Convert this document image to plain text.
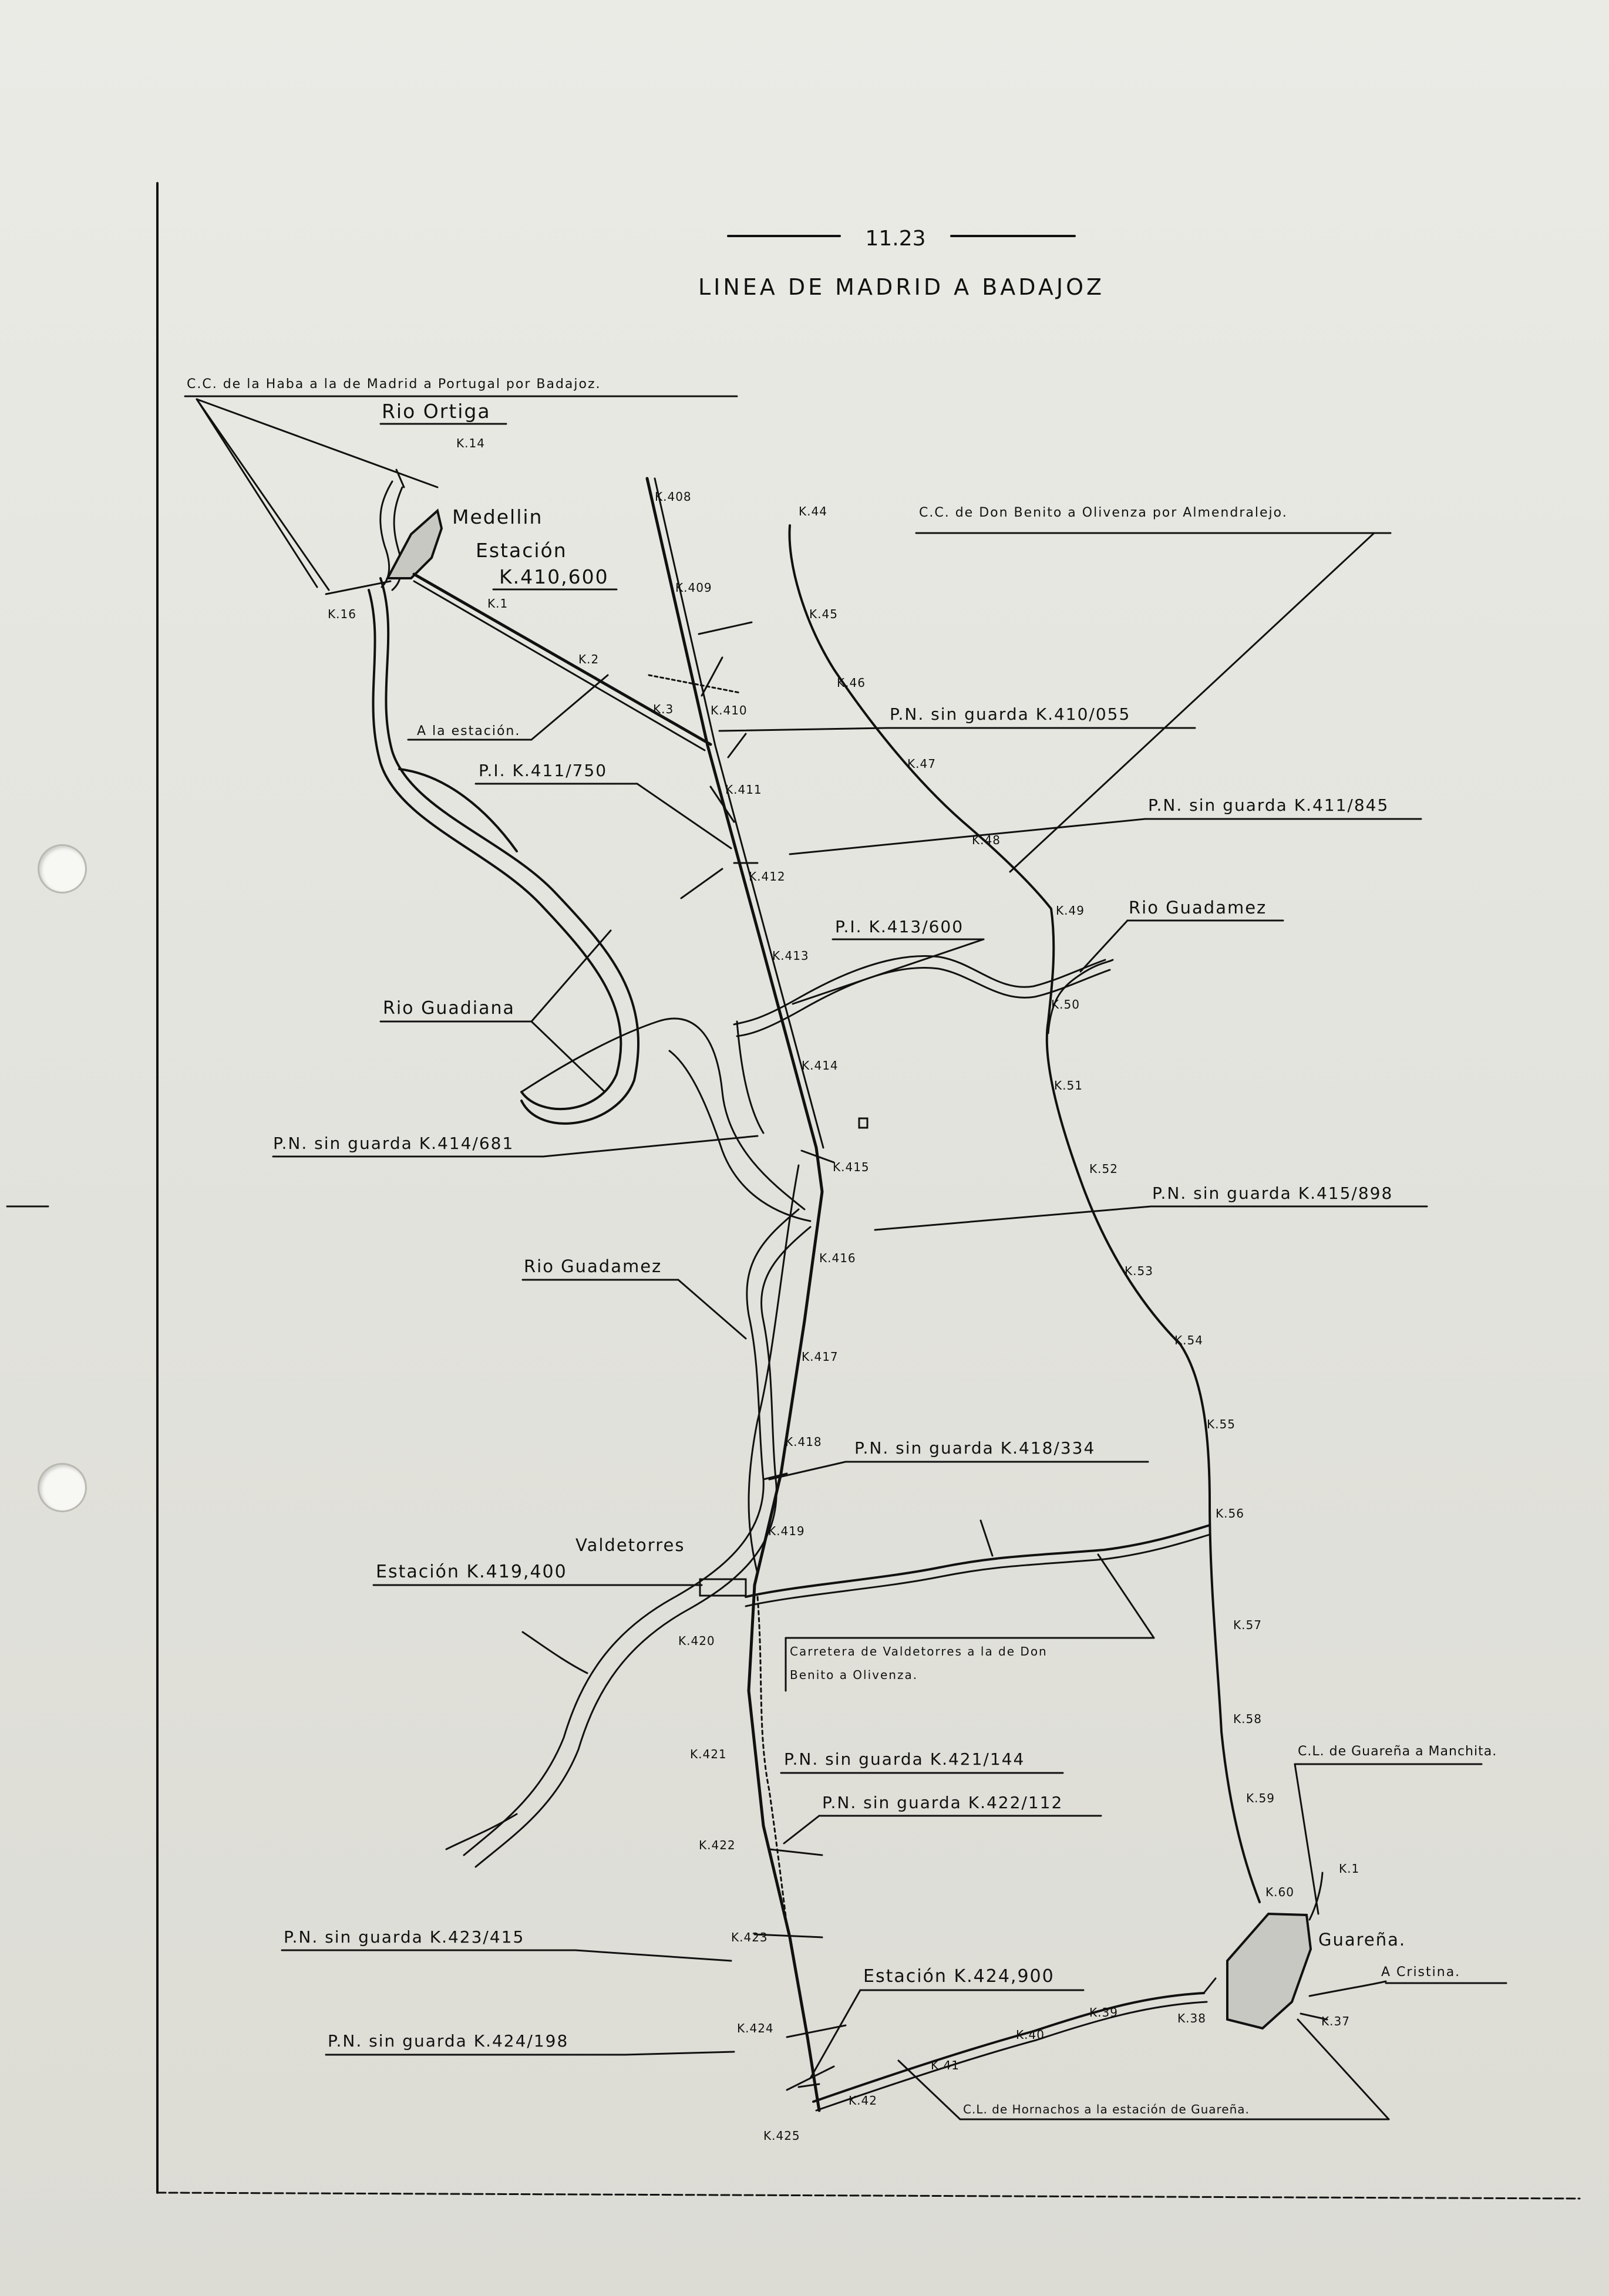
11.23
LINEA DE MADRID A BADAJOZ
C.C. de la Haba a la de Madrid a Portugal por Badajoz.
Rio Ortiga
Medellin
Estación
K.410,600
A la estación.
C.C. de Don Benito a Olivenza por Almendralejo.
P.N. sin guarda K.410/055
P.I. K.411/750
P.N. sin guarda K.411/845
Rio Guadamez
P.I. K.413/600
Rio Guadiana
P.N. sin guarda K.414/681
P.N. sin guarda K.415/898
Rio Guadamez
P.N. sin guarda K.418/334
Valdetorres
Estación K.419,400
Carretera de Valdetorres a la de Don
Benito a Olivenza.
P.N. sin guarda K.421/144
P.N. sin guarda K.422/112
C.L. de Guareña a Manchita.
Guareña.
A Cristina.
P.N. sin guarda K.423/415
Estación K.424,900
P.N. sin guarda K.424/198
C.L. de Hornachos a la estación de Guareña.
K.408
K.409
K.410
K.411
K.412
K.413
K.414
K.415
K.416
K.417
K.418
K.419
K.420
K.421
K.422
K.423
K.424
K.425
K.44
K.45
K.46
K.47
K.48
K.49
K.50
K.51
K.52
K.53
K.54
K.55
K.56
K.57
K.58
K.59
K.60
K.37
K.38
K.39
K.40
K.41
K.42
K.14
K.16
K.1
K.2
K.3
K.1
